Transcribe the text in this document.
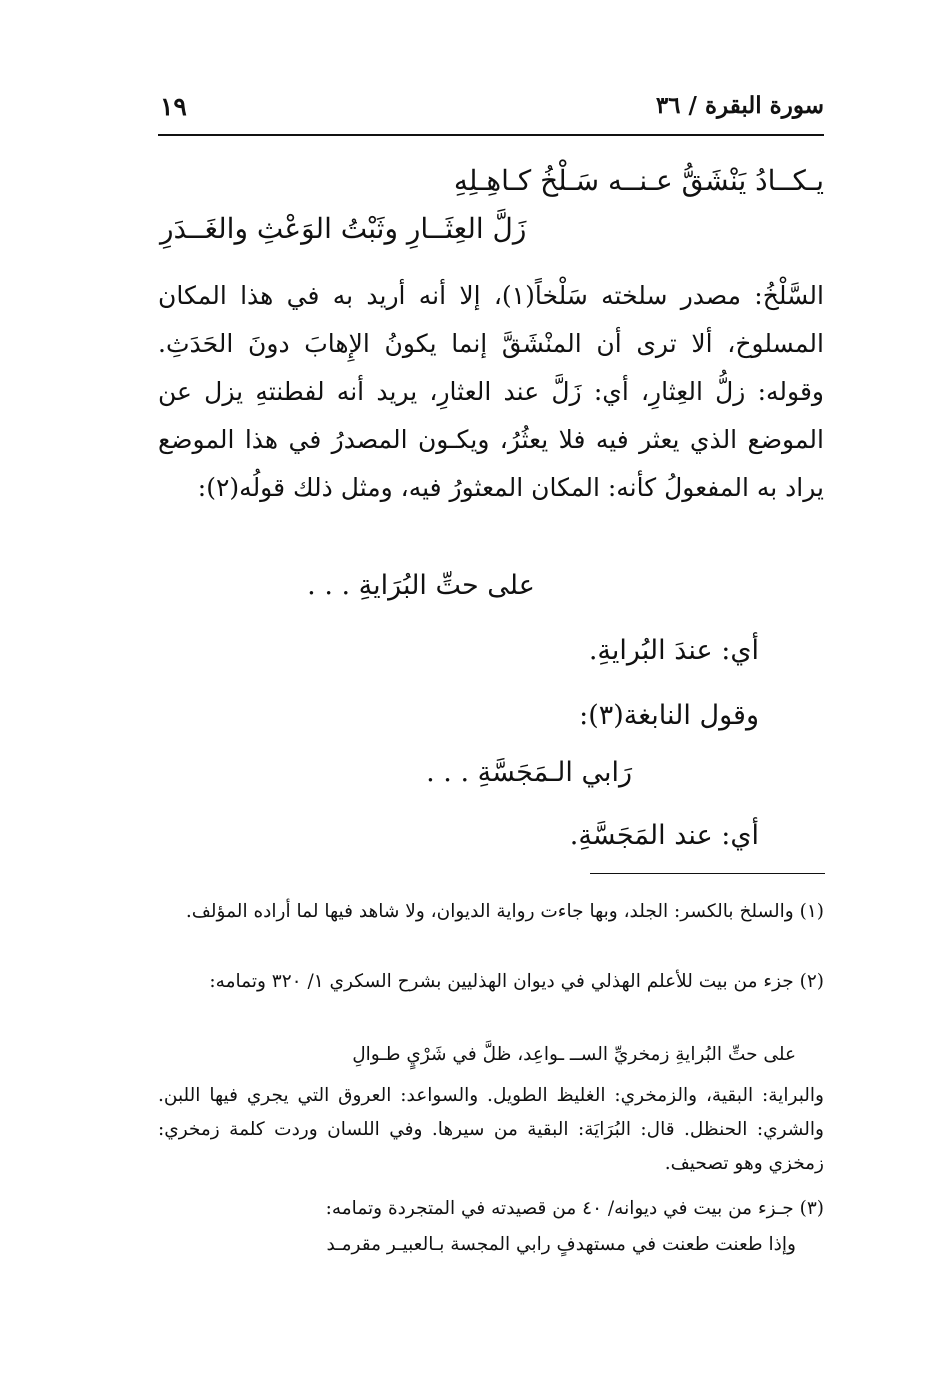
١٩	سورة البقرة / ٣٦
يـكــادُ يَنْشَقُّ عـنــه سَـلْخُ كـاهِـلِهِ
زَلَّ العِثَــارِ وثَبْتُ الوَعْثِ والغَــدَرِ
السَّلْخُ: مصدر سلخته سَلْخاً(١)، إلا أنه أريد به في هذا المكان المسلوخ، ألا ترى أن المنْشَقَّ إنما يكونُ الإِهابَ دونَ الحَدَثِ. وقوله: زلُّ العِثارِ، أي: زَلَّ عند العثارِ، يريد أنه لفطنتهِ يزل عن الموضع الذي يعثر فيه فلا يعثُرُ، ويكـون المصدرُ في هذا الموضع يراد به المفعولُ كأنه: المكان المعثورُ فيه، ومثل ذلك قولُه(٢):
على حتِّ البُرَايةِ . . .
أي: عندَ البُرايةِ.
وقول النابغة(٣):
رَابي الـمَجَسَّةِ . . .
أي: عند المَجَسَّةِ.
(١) والسلخ بالكسر: الجلد، وبها جاءت رواية الديوان، ولا شاهد فيها لما أراده المؤلف.
(٢) جزء من بيت للأعلم الهذلي في ديوان الهذليين بشرح السكري ١/ ٣٢٠ وتمامه:
على حتِّ البُرايةِ زمخريِّ الســ ـواعِد، ظلَّ في شَرْيٍ طـوالِ
والبراية: البقية، والزمخري: الغليظ الطويل. والسواعد: العروق التي يجري فيها اللبن. والشري: الحنظل. قال: البُرَايَة: البقية من سيرها. وفي اللسان وردت كلمة زمخري: زمخزي وهو تصحيف.
(٣) جـزء من بيت في ديوانه/ ٤٠ من قصيدته في المتجردة وتمامه:
وإذا طعنت طعنت في مستهدفٍ رابي المجسة بـالعبيـر مقرمـد
